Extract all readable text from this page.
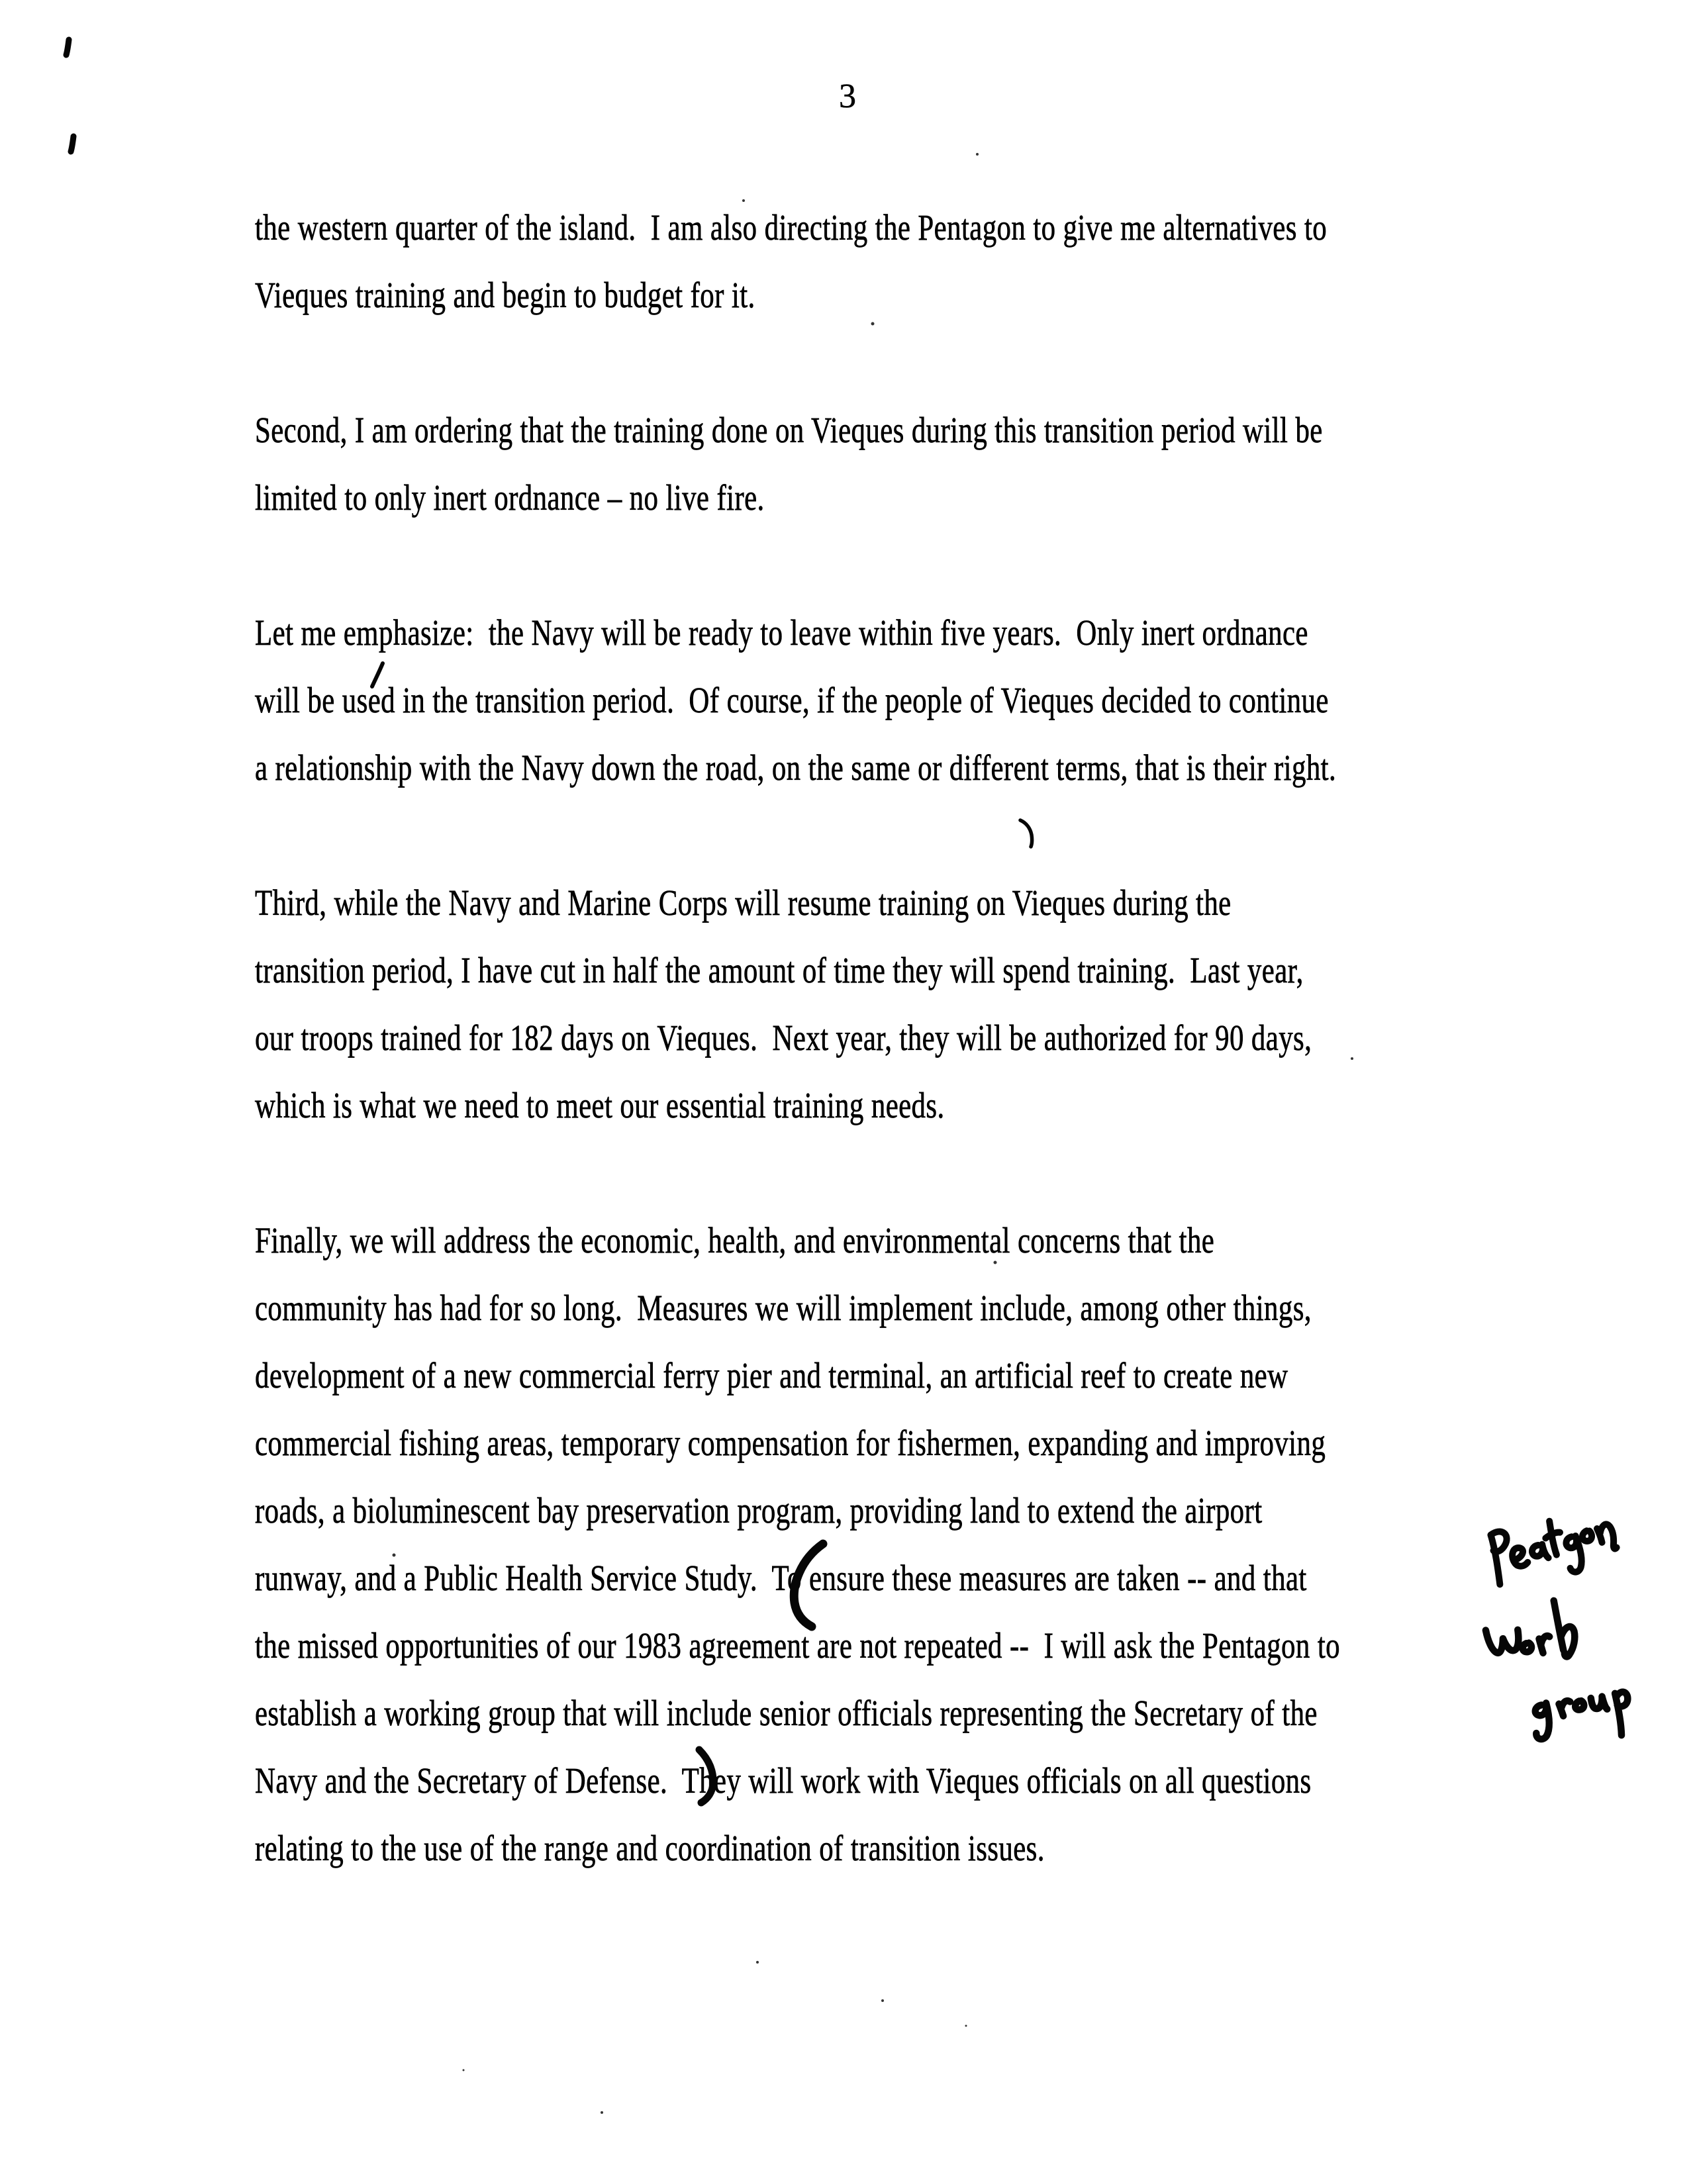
3
the western quarter of the island.  I am also directing the Pentagon to give me alternatives to
Vieques training and begin to budget for it.
Second, I am ordering that the training done on Vieques during this transition period will be
limited to only inert ordnance – no live fire.
Let me emphasize:  the Navy will be ready to leave within five years.  Only inert ordnance
will be used in the transition period.  Of course, if the people of Vieques decided to continue
a relationship with the Navy down the road, on the same or different terms, that is their right.
Third, while the Navy and Marine Corps will resume training on Vieques during the
transition period, I have cut in half the amount of time they will spend training.  Last year,
our troops trained for 182 days on Vieques.  Next year, they will be authorized for 90 days,
which is what we need to meet our essential training needs.
Finally, we will address the economic, health, and environmental concerns that the
community has had for so long.  Measures we will implement include, among other things,
development of a new commercial ferry pier and terminal, an artificial reef to create new
commercial fishing areas, temporary compensation for fishermen, expanding and improving
roads, a bioluminescent bay preservation program, providing land to extend the airport
runway, and a Public Health Service Study.  To ensure these measures are taken -- and that
the missed opportunities of our 1983 agreement are not repeated --  I will ask the Pentagon to
establish a working group that will include senior officials representing the Secretary of the
Navy and the Secretary of Defense.  They will work with Vieques officials on all questions
relating to the use of the range and coordination of transition issues.
